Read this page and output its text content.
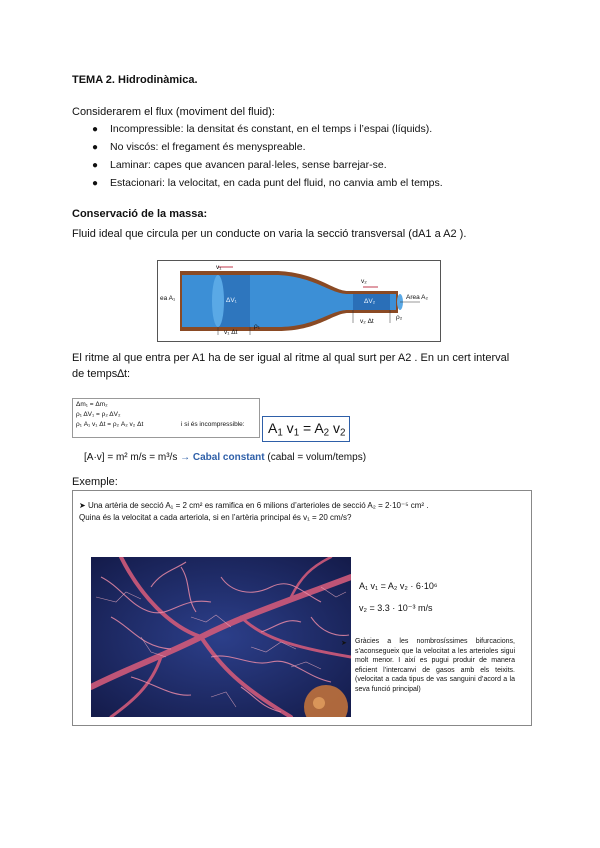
TEMA 2. Hidrodinàmica.
Considerarem el flux (moviment del fluid):
● Incompressible: la densitat és constant, en el temps i l’espai (líquids).
● No viscós: el fregament és menyspreable.
● Laminar: capes que avancen paral·leles, sense barrejar-se.
● Estacionari: la velocitat, en cada punt del fluid, no canvia amb el temps.
Conservació de la massa:
Fluid ideal que circula per un conducte on varia la secció transversal (dA1 a A2 ).
v₁
v₂
ea A₁	Area A₂
ΔV₁	ΔV₂
ρ₁
ρ₂
v₁ Δt
v₂ Δt
El ritme al que entra per A1 ha de ser igual al ritme al qual surt per A2 . En un cert interval
de temps∆t:
Δm₁ = Δm₂
ρ₁ ΔV₁ = ρ₂ ΔV₂
ρ₁ A₁ v₁ Δt = ρ₂ A₂ v₂ Δt	i si és incompressible: $A_1$ $v_1 = A_2$ $v_2$
[A·v] = m² m/s = m³/s → Cabal constant (cabal = volum/temps)
Exemple:
➤ Una artèria de secció A₁ = 2 cm² es ramifica en 6 milions d’arterioles de secció A₂ = 2·10⁻⁵ cm² .
Quina és la velocitat a cada arteriola, si en l’artèria principal és v₁ = 20 cm/s?
A₁ v₁ = A₂ v₂ · 6·10⁶
v₂ = 3.3 · 10⁻³ m/s
➤ Gràcies a les nombrosíssimes bifurcacions, s’aconsegueix que la velocitat a les arterioles sigui molt menor. I així es pugui produir de manera eficient l’intercanvi de gasos amb els teixits. (velocitat a cada tipus de vas sanguini d’acord a la seva funció principal)
